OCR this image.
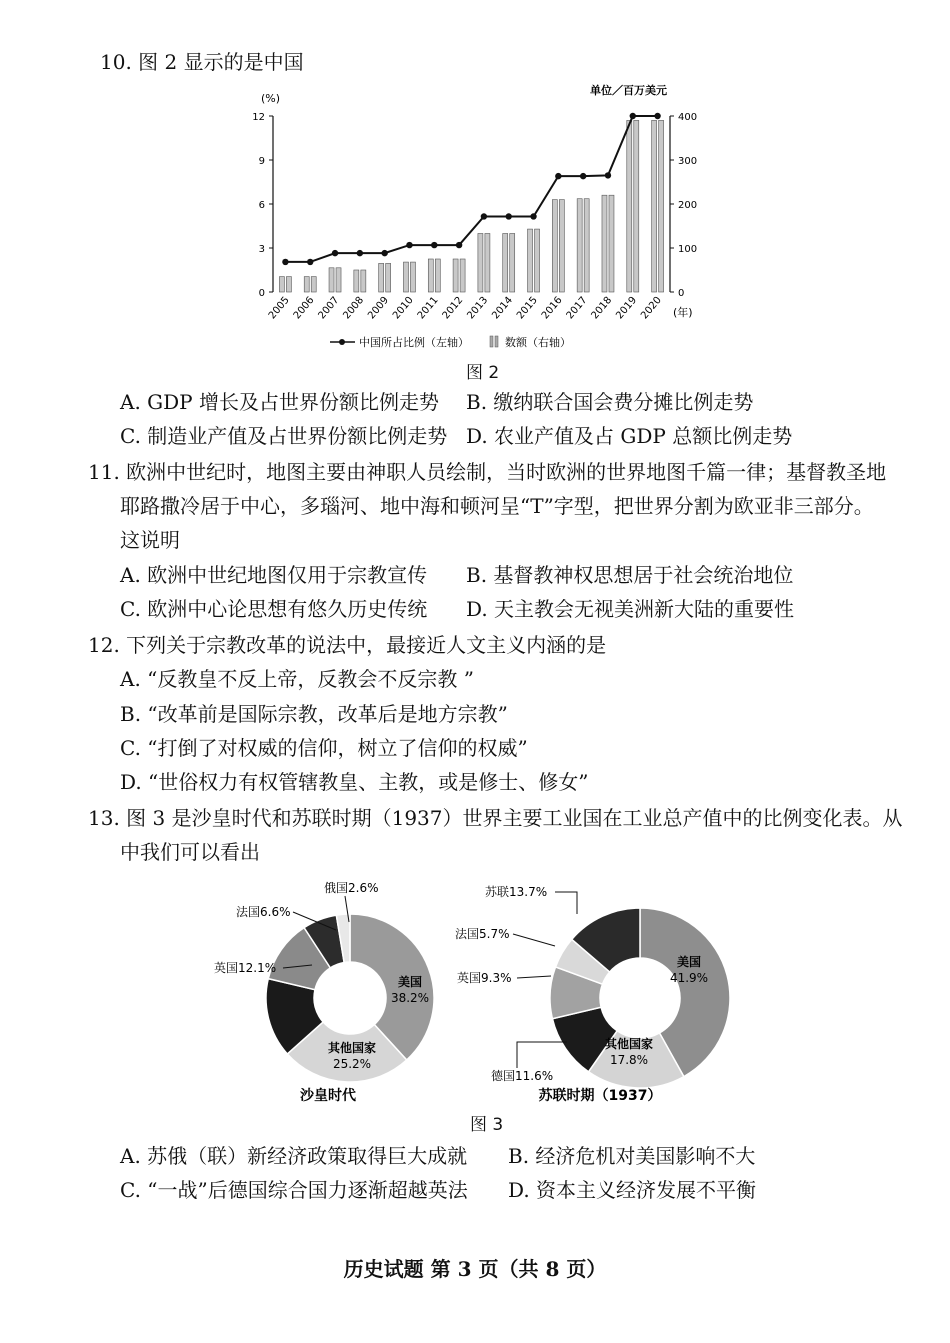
10. 图 2 显示的是中国
(%)
单位／百万美元
(年)
0
3
6
9
12
0
100
200
300
400
2005 2006 2007 2008 2009 2010 2011 2012 2013 2014 2015 2016 2017 2018 2019 2020
中国所占比例（左轴）	数额（右轴）
图 2
A. GDP 增长及占世界份额比例走势 B. 缴纳联合国会费分摊比例走势
C. 制造业产值及占世界份额比例走势 D. 农业产值及占 GDP 总额比例走势
11. 欧洲中世纪时，地图主要由神职人员绘制，当时欧洲的世界地图千篇一律；基督教圣地
耶路撒冷居于中心，多瑙河、地中海和顿河呈“T”字型，把世界分割为欧亚非三部分。
这说明
A. 欧洲中世纪地图仅用于宗教宣传 B. 基督教神权思想居于社会统治地位
C. 欧洲中心论思想有悠久历史传统 D. 天主教会无视美洲新大陆的重要性
12. 下列关于宗教改革的说法中，最接近人文主义内涵的是
A. “反教皇不反上帝，反教会不反宗教 ”
B. “改革前是国际宗教，改革后是地方宗教”
C. “打倒了对权威的信仰，树立了信仰的权威”
D. “世俗权力有权管辖教皇、主教，或是修士、修女”
13. 图 3 是沙皇时代和苏联时期（1937）世界主要工业国在工业总产值中的比例变化表。从
中我们可以看出
美国
38.2%
其他国家
25.2%
英国12.1%
法国6.6%
俄国2.6%
沙皇时代
美国
41.9%
其他国家
17.8%
德国11.6%
英国9.3%
法国5.7%
苏联13.7%
苏联时期（1937）
图 3
A. 苏俄（联）新经济政策取得巨大成就 B. 经济危机对美国影响不大
C. “一战”后德国综合国力逐渐超越英法 D. 资本主义经济发展不平衡
历史试题 第 3 页（共 8 页）
